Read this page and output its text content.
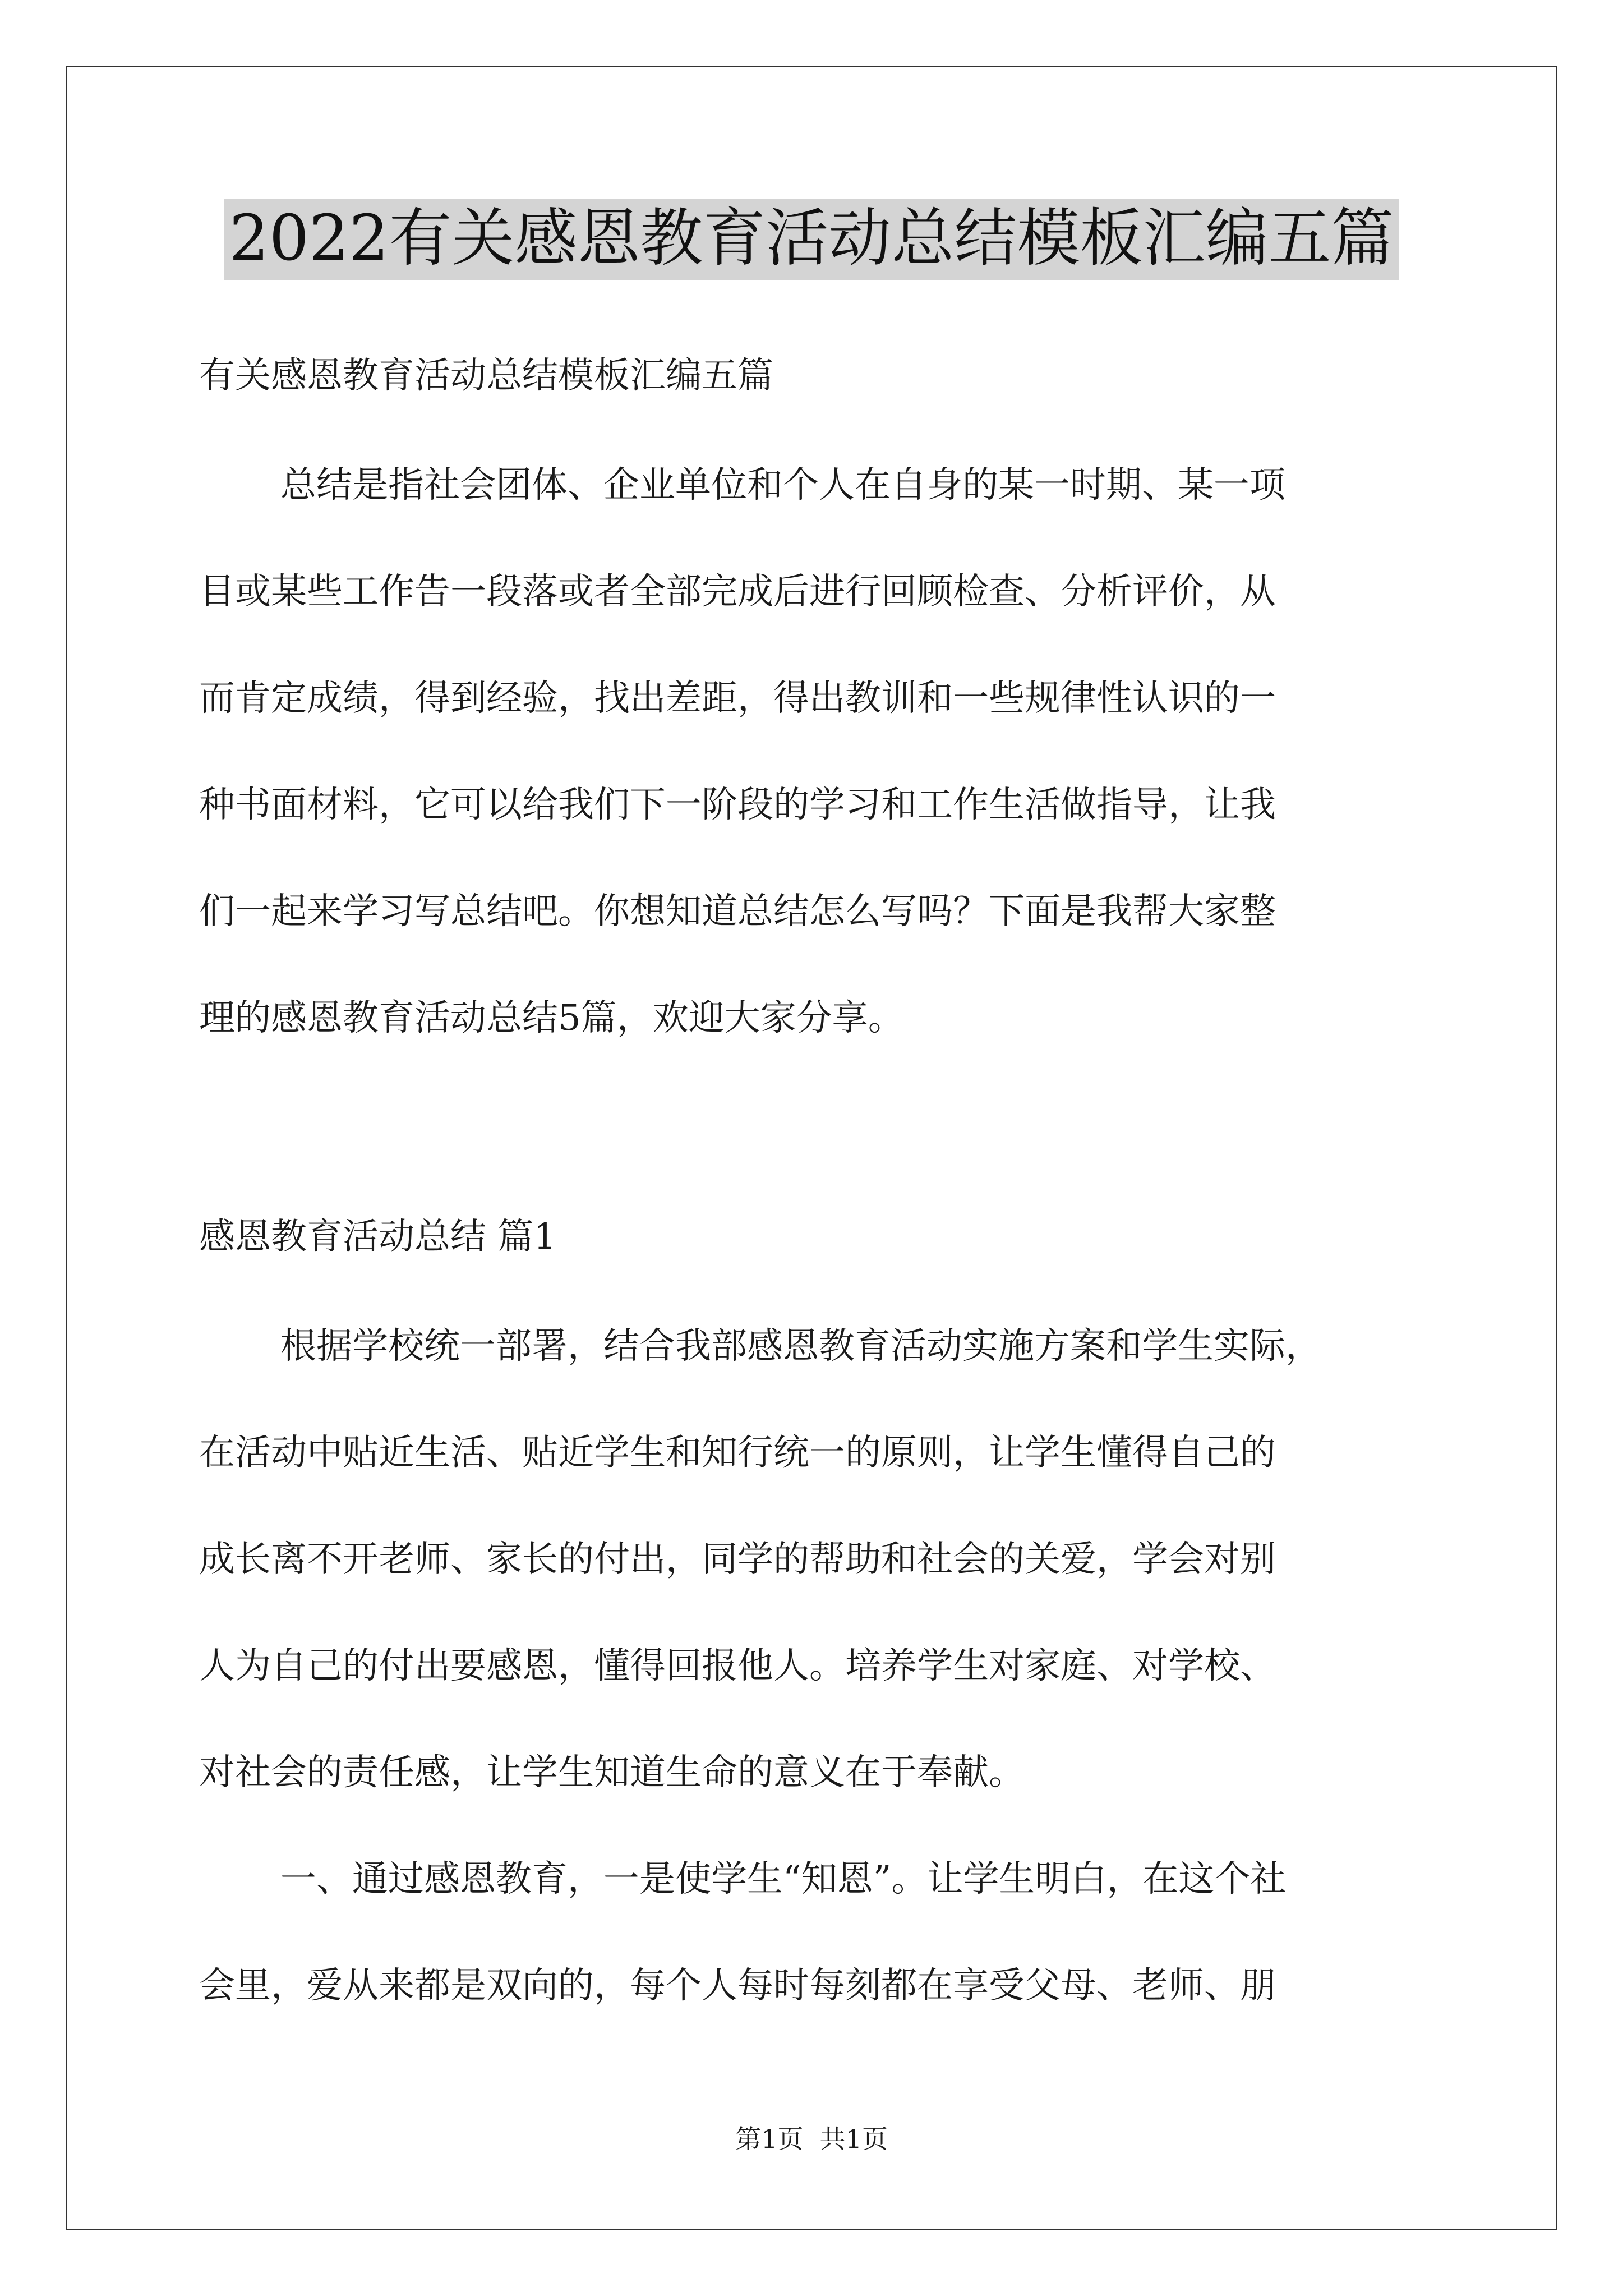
2022有关感恩教育活动总结模板汇编五篇

有关感恩教育活动总结模板汇编五篇

总结是指社会团体、企业单位和个人在自身的某一时期、某一项

目或某些工作告一段落或者全部完成后进行回顾检查、分析评价，从

而肯定成绩，得到经验，找出差距，得出教训和一些规律性认识的一

种书面材料，它可以给我们下一阶段的学习和工作生活做指导，让我

们一起来学习写总结吧。你想知道总结怎么写吗？下面是我帮大家整

理的感恩教育活动总结5篇，欢迎大家分享。

感恩教育活动总结 篇1

根据学校统一部署，结合我部感恩教育活动实施方案和学生实际，

在活动中贴近生活、贴近学生和知行统一的原则，让学生懂得自己的

成长离不开老师、家长的付出，同学的帮助和社会的关爱，学会对别

人为自己的付出要感恩，懂得回报他人。培养学生对家庭、对学校、

对社会的责任感，让学生知道生命的意义在于奉献。

一、通过感恩教育，一是使学生“知恩”。让学生明白，在这个社

会里，爱从来都是双向的，每个人每时每刻都在享受父母、老师、朋

第1页  共1页
